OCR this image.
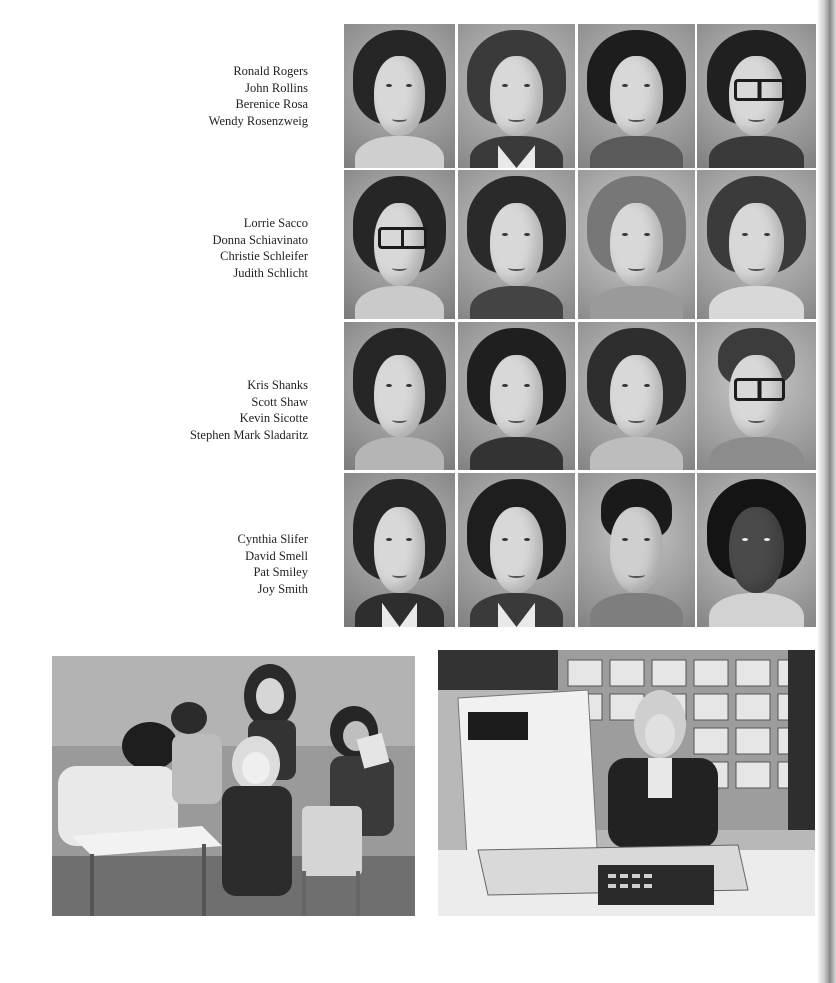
Ronald Rogers
John Rollins
Berenice Rosa
Wendy Rosenzweig
Lorrie Sacco
Donna Schiavinato
Christie Schleifer
Judith Schlicht
Kris Shanks
Scott Shaw
Kevin Sicotte
Stephen Mark Sladaritz
Cynthia Slifer
David Smell
Pat Smiley
Joy Smith
